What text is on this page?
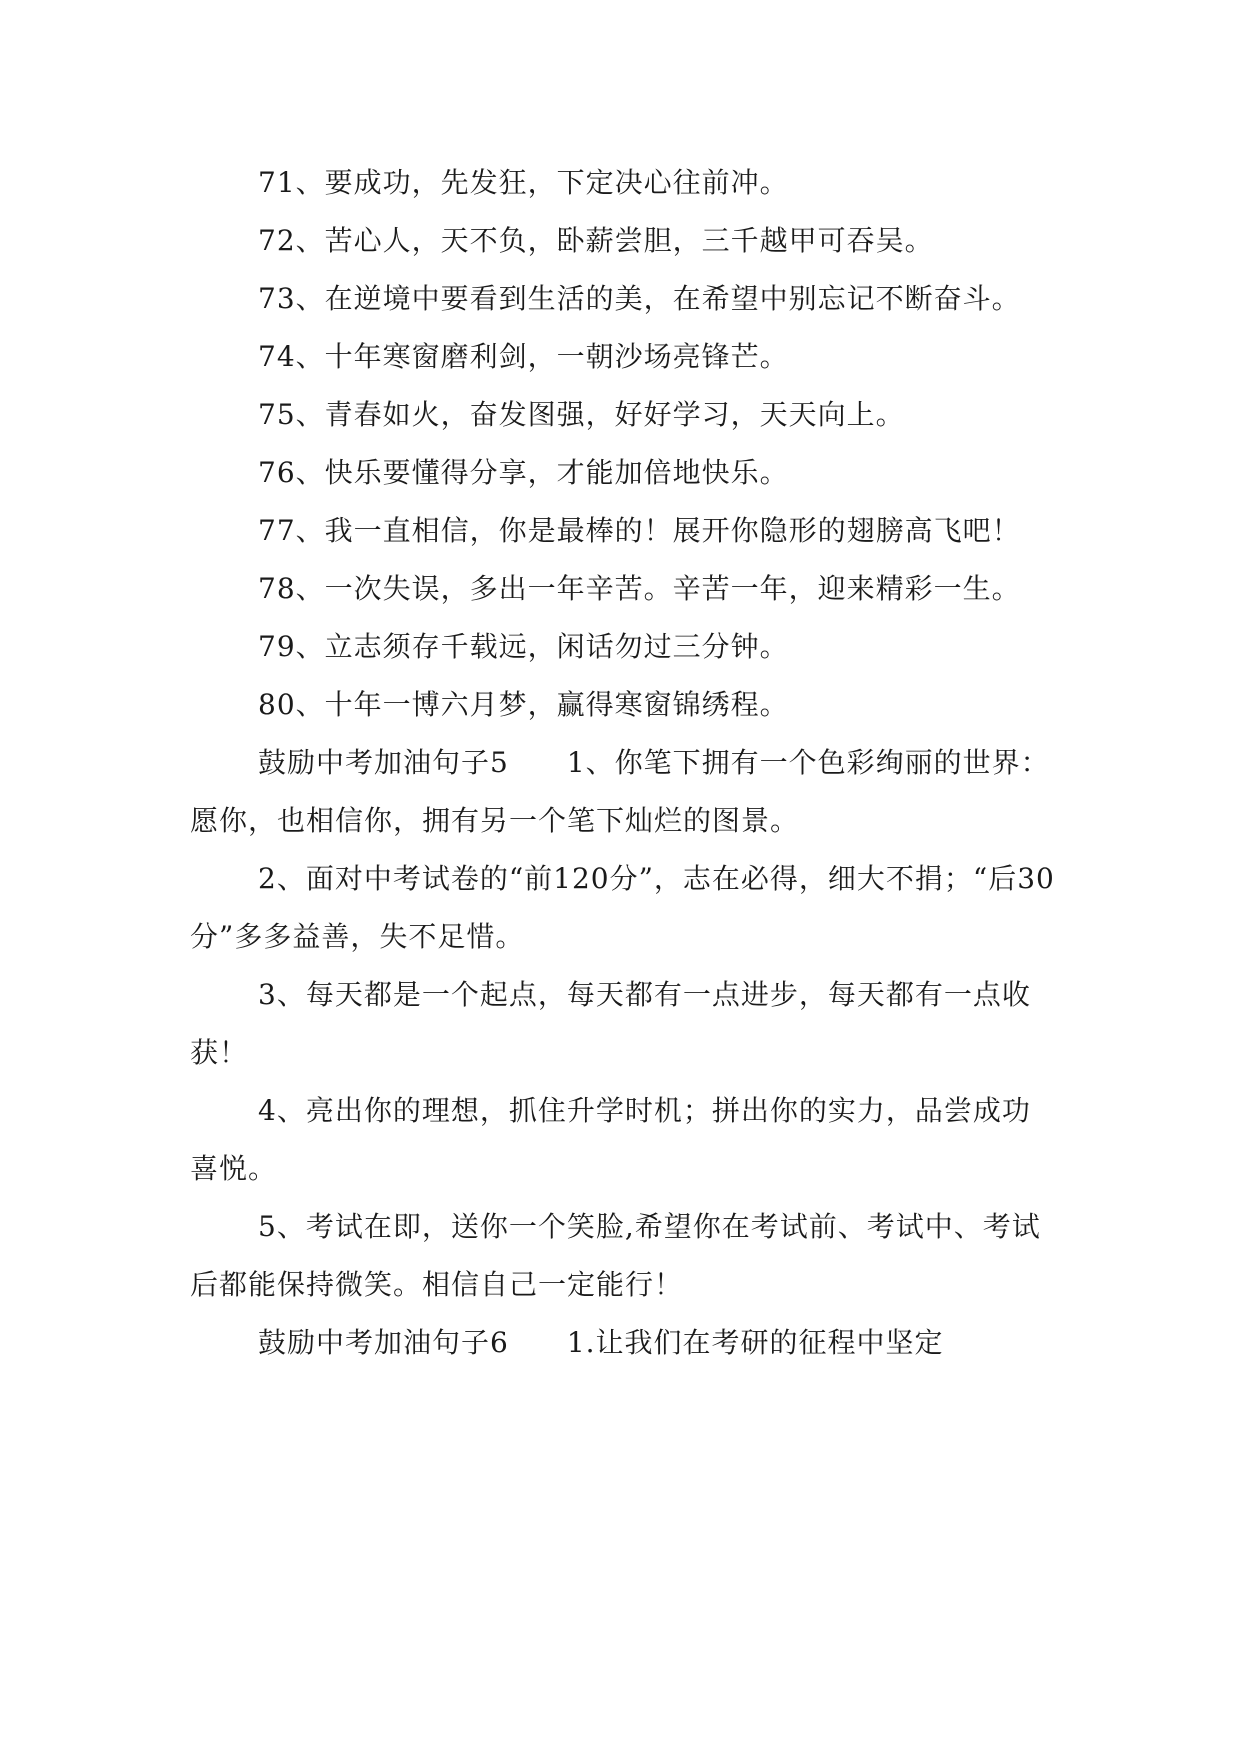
71、要成功，先发狂，下定决心往前冲。

72、苦心人，天不负，卧薪尝胆，三千越甲可吞吴。

73、在逆境中要看到生活的美，在希望中别忘记不断奋斗。

74、十年寒窗磨利剑，一朝沙场亮锋芒。

75、青春如火，奋发图强，好好学习，天天向上。

76、快乐要懂得分享，才能加倍地快乐。

77、我一直相信，你是最棒的！展开你隐形的翅膀高飞吧！

78、一次失误，多出一年辛苦。辛苦一年，迎来精彩一生。

79、立志须存千载远，闲话勿过三分钟。

80、十年一博六月梦，赢得寒窗锦绣程。

鼓励中考加油句子5　　1、你笔下拥有一个色彩绚丽的世界：愿你，也相信你，拥有另一个笔下灿烂的图景。

2、面对中考试卷的“前120分”，志在必得，细大不捐；“后30分”多多益善，失不足惜。

3、每天都是一个起点，每天都有一点进步，每天都有一点收获！

4、亮出你的理想，抓住升学时机；拼出你的实力，品尝成功喜悦。

5、考试在即，送你一个笑脸,希望你在考试前、考试中、考试后都能保持微笑。相信自己一定能行！

鼓励中考加油句子6　　1.让我们在考研的征程中坚定
